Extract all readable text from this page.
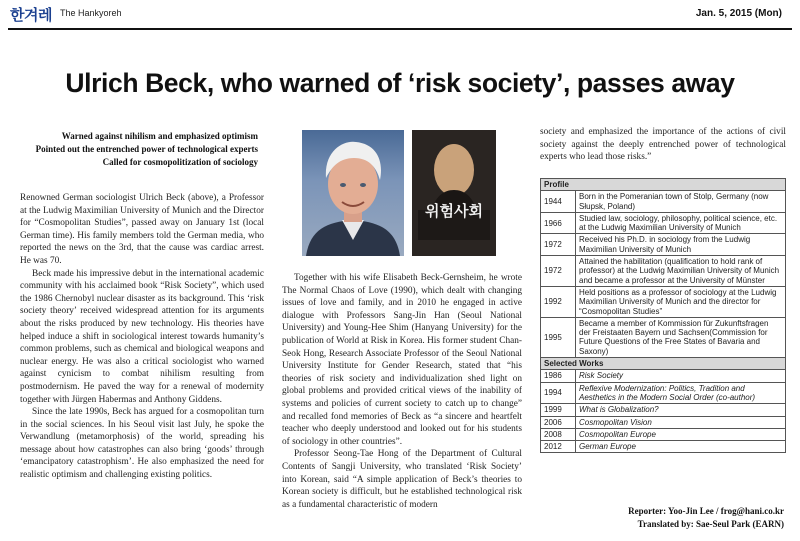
한겨레 The Hankyoreh	Jan. 5, 2015 (Mon)
Ulrich Beck, who warned of ‘risk society’, passes away
Warned against nihilism and emphasized optimism
Pointed out the entrenched power of technological experts
Called for cosmopolitization of sociology

Renowned German sociologist Ulrich Beck (above), a Professor at the Ludwig Maximilian University of Munich and the Director for “Cosmopolitan Studies”, passed away on January 1st (local German time). His family members told the German media, who reported the news on the 3rd, that the cause was cardiac arrest. He was 70.

Beck made his impressive debut in the international academic community with his acclaimed book “Risk Society”, which used the 1986 Chernobyl nuclear disaster as its background. This ‘risk society theory’ received widespread attention for its arguments about the risks produced by new technology. His theories have helped induce a shift in sociological interest towards humanity’s common problems, such as chemical and biological weapons and nuclear energy. He was also a critical sociologist who warned against cynicism to combat nihilism resulting from postmodernism. He paved the way for a renewal of modernity together with Jürgen Habermas and Anthony Giddens.

Since the late 1990s, Beck has argued for a cosmopolitan turn in the social sciences. In his Seoul visit last July, he spoke the Verwandlung (metamorphosis) of the world, spreading his message about how catastrophes can also bring ‘goods’ through ‘emancipatory catastrophism’. He also emphasized the need for realistic optimism and challenging existing politics.

위험사회

Together with his wife Elisabeth Beck-Gernsheim, he wrote The Normal Chaos of Love (1990), which dealt with changing issues of love and family, and in 2010 he engaged in active dialogue with Professors Sang-Jin Han (Seoul National University) and Young-Hee Shim (Hanyang University) for the publication of World at Risk in Korea. His former student Chan-Seok Hong, Research Associate Professor of the Seoul National University Institute for Gender Research, stated that “his theories of risk society and individualization shed light on global problems and provided critical views of the inability of systems and policies of current society to catch up to change” and recalled fond memories of Beck as “a sincere and heartfelt teacher who deeply understood and looked out for his students of sociology in other countries”.

Professor Seong-Tae Hong of the Department of Cultural Contents of Sangji University, who translated ‘Risk Society’ into Korean, said “A simple application of Beck’s theories to Korean society is difficult, but he established technological risk as a fundamental characteristic of modern

society and emphasized the importance of the actions of civil society against the deeply entrenched power of technological experts who lead those risks.”

Profile	
1944	Born in the Pomeranian town of Stolp, Germany (now Słupsk, Poland)
1966	Studied law, sociology, philosophy, political science, etc. at the Ludwig Maximilian University of Munich
1972	Received his Ph.D. in sociology from the Ludwig Maximilian University of Munich
1972	Attained the habilitation (qualification to hold rank of professor) at the Ludwig Maximilian University of Munich and became a professor at the University of Münster
1992	Held positions as a professor of sociology at the Ludwig Maximilian University of Munich and the director for “Cosmopolitan Studies”
1995	Became a member of Kommission für Zukunftsfragen der Freistaaten Bayern und Sachsen(Commission for Future Questions of the Free States of Bavaria and Saxony)
Selected Works	
1986	Risk Society
1994	Reflexive Modernization: Politics, Tradition and Aesthetics in the Modern Social Order (co-author)
1999	What is Globalization?
2006	Cosmopolitan Vision
2008	Cosmopolitan Europe
2012	German Europe
Reporter: Yoo-Jin Lee / frog@hani.co.kr
Translated by: Sae-Seul Park (EARN)
